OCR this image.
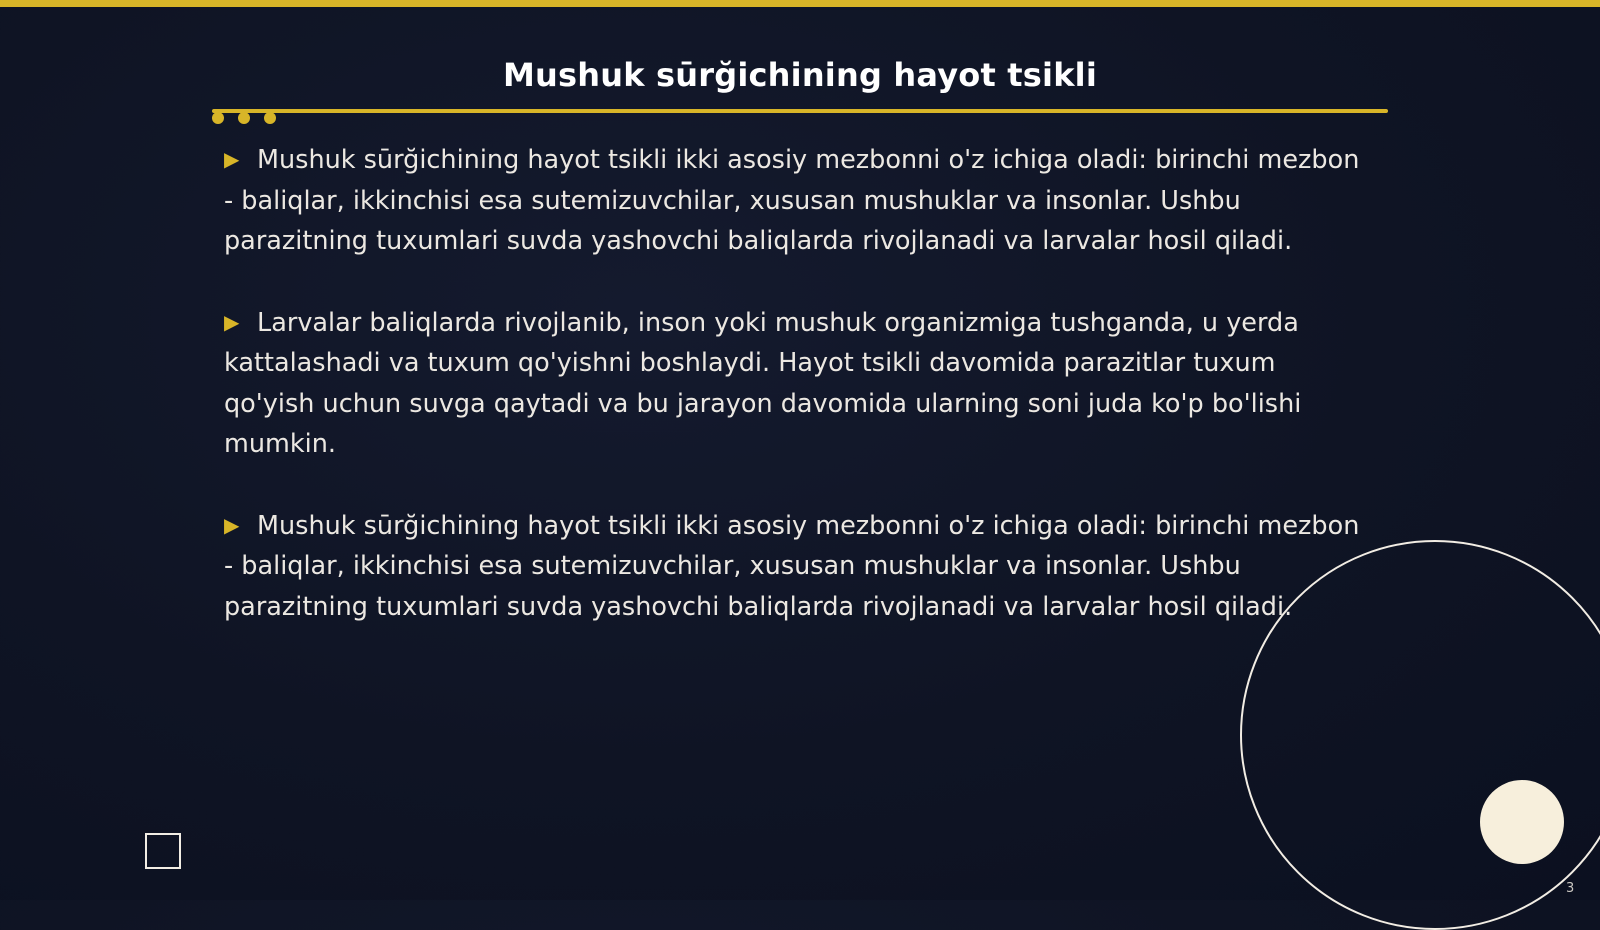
Mushuk sūrğichining hayot tsikli

▶ Mushuk sūrğichining hayot tsikli ikki asosiy mezbonni o'z ichiga oladi: birinchi mezbon - baliqlar, ikkinchisi esa sutemizuvchilar, xususan mushuklar va insonlar. Ushbu parazitning tuxumlari suvda yashovchi baliqlarda rivojlanadi va larvalar hosil qiladi.

▶ Larvalar baliqlarda rivojlanib, inson yoki mushuk organizmiga tushganda, u yerda kattalashadi va tuxum qo'yishni boshlaydi. Hayot tsikli davomida parazitlar tuxum qo'yish uchun suvga qaytadi va bu jarayon davomida ularning soni juda ko'p bo'lishi mumkin.

▶ Mushuk sūrğichining hayot tsikli ikki asosiy mezbonni o'z ichiga oladi: birinchi mezbon - baliqlar, ikkinchisi esa sutemizuvchilar, xususan mushuklar va insonlar. Ushbu parazitning tuxumlari suvda yashovchi baliqlarda rivojlanadi va larvalar hosil qiladi.

3
